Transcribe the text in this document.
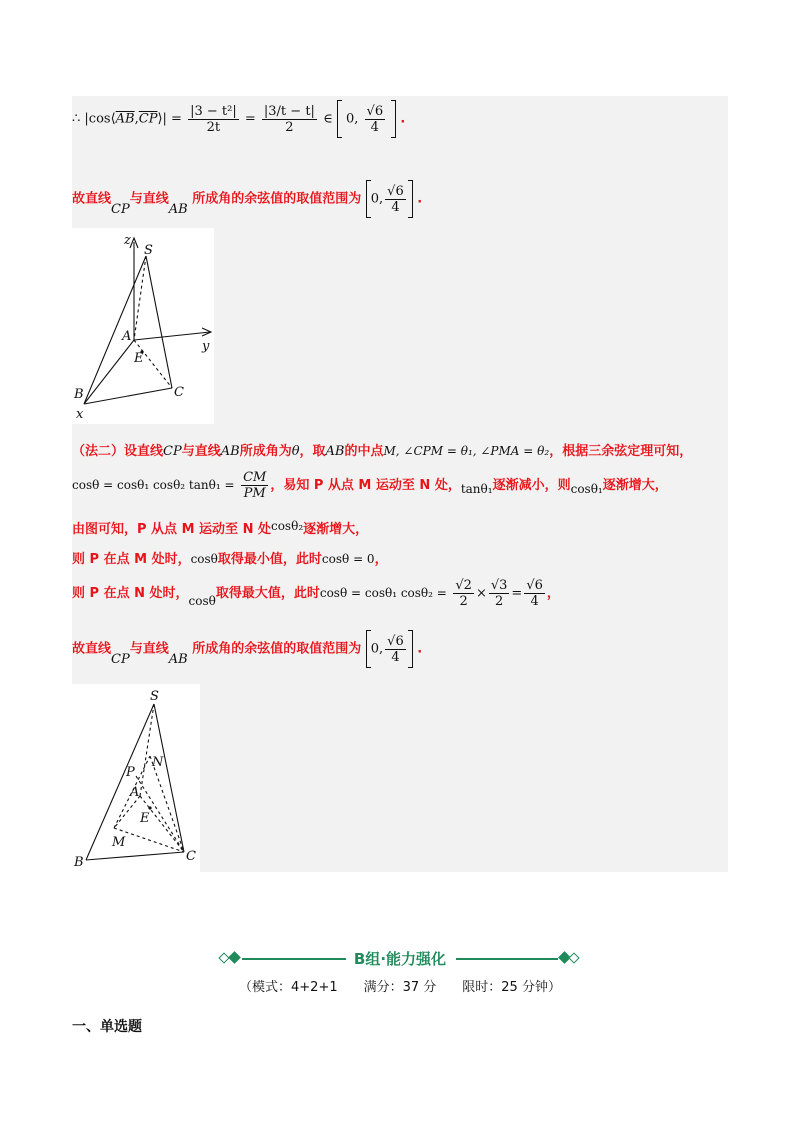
∴ $|\cos⟨\overline{AB},\overline{CP}⟩| = \frac{\text{|3 − t²|}}{2t} = \frac{|3/t - t|}{2}$ ∈ 0, $\frac{√6}{4}$ .
故直线CP与直线AB 所成角的余弦值的取值范围为 0, $\frac{√6}{4}$ .
z
S
A
E
y
B	C
x
（法二）设直线CP与直线AB所成角为θ，取AB的中点M, ∠CPM = θ₁, ∠PMA = θ₂，根据三余弦定理可知，
cosθ = cosθ₁ cosθ₂ $\tan\theta_1 = \frac{CM}{PM}$ ，易知 P 从点 M 运动至 N 处，tanθ₁逐渐减小，则cosθ₁逐渐增大，
由图可知，P 从点 M 运动至 N 处cosθ₂逐渐增大，
则 P 在点 M 处时，cosθ取得最小值，此时cosθ = 0，
则 P 在点 N 处时，cosθ取得最大值，此时cosθ = cosθ₁ $\cos\theta_2 = \frac{√2}{2} \times \frac{√3}{2} = \frac{√6}{4}$ ，
故直线CP与直线AB 所成角的余弦值的取值范围为 0, $\frac{√6}{4}$ .
S
N
P
A
E
M
B	C
B组·能力强化
（模式：4+2+1　　满分：37 分　　限时：25 分钟）
一、单选题
